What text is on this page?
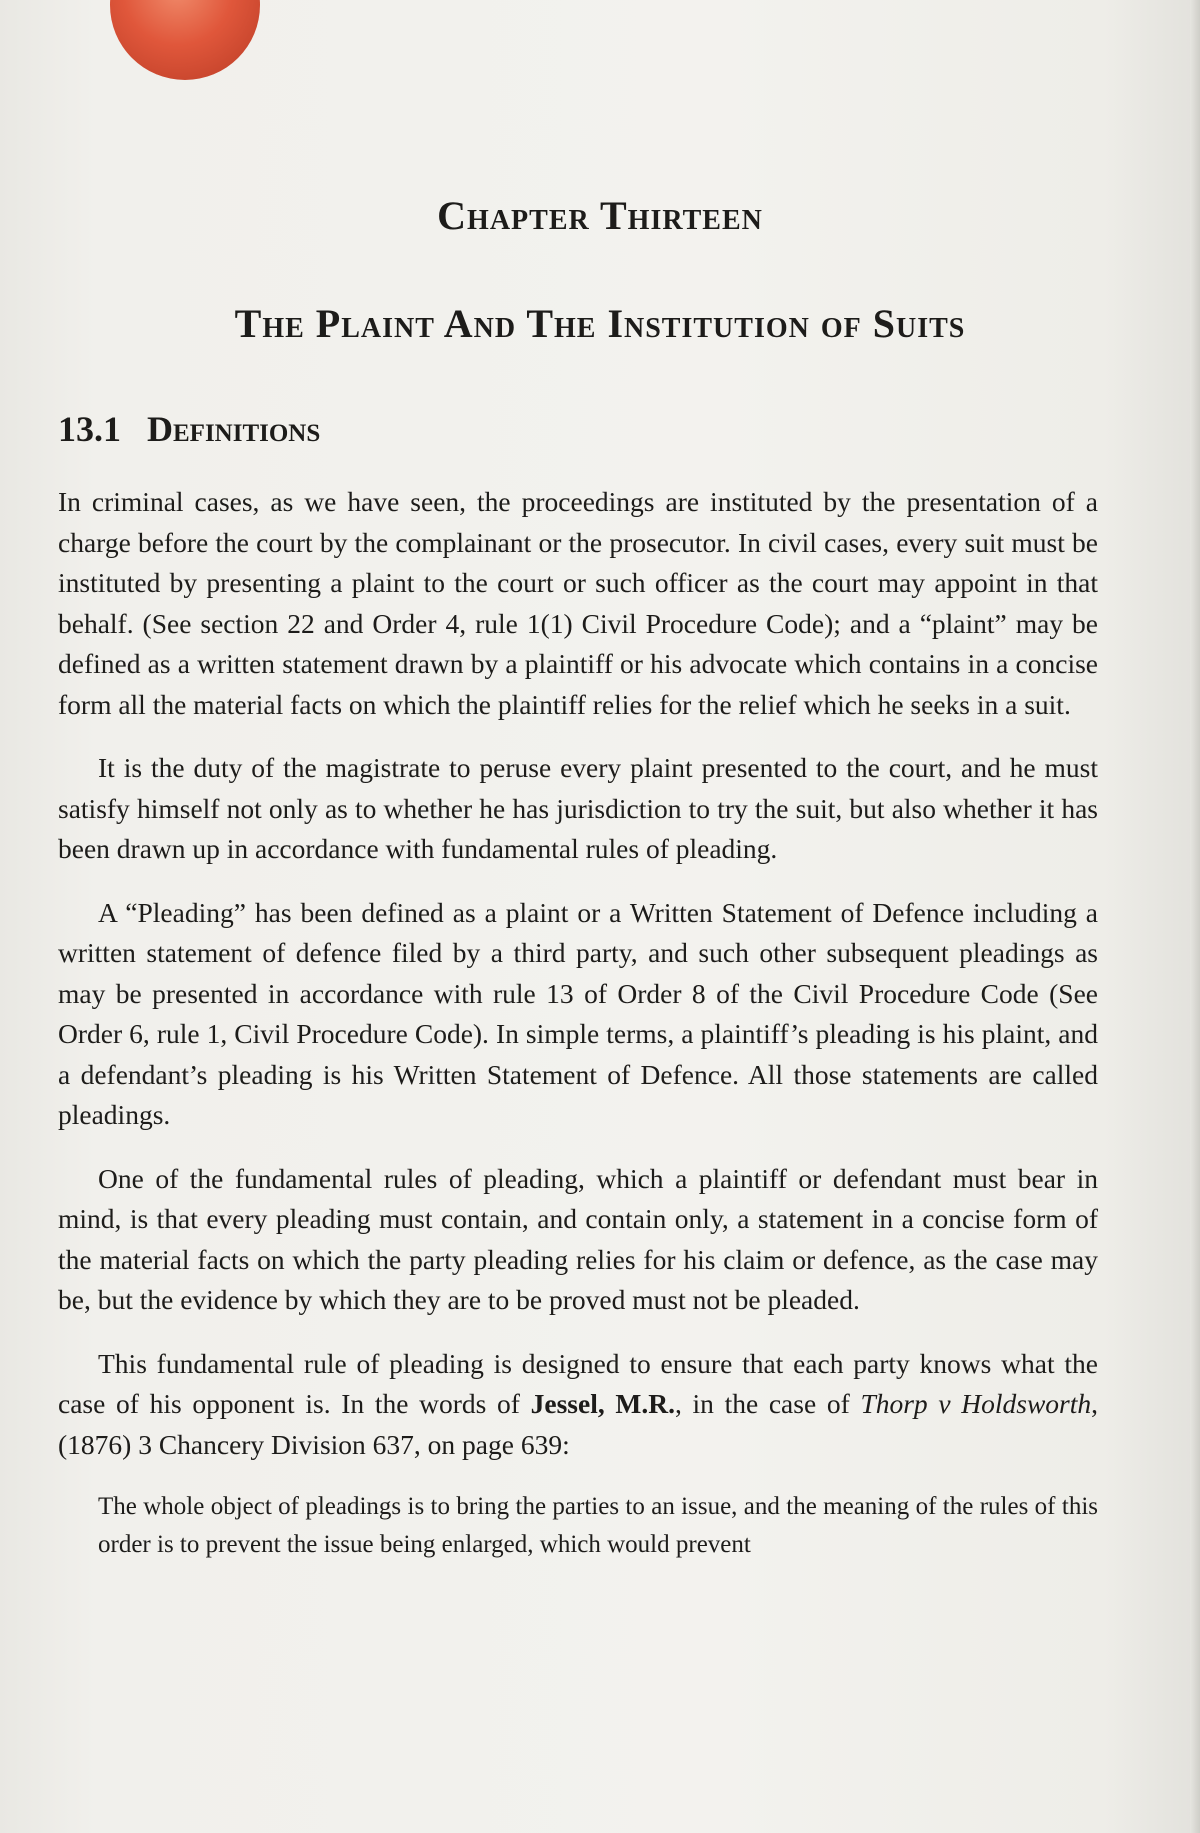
Chapter Thirteen
The Plaint And The Institution of Suits
13.1 Definitions

In criminal cases, as we have seen, the proceedings are instituted by the presentation of a charge before the court by the complainant or the prosecutor. In civil cases, every suit must be instituted by presenting a plaint to the court or such officer as the court may appoint in that behalf. (See section 22 and Order 4, rule 1(1) Civil Procedure Code); and a “plaint” may be defined as a written statement drawn by a plaintiff or his advocate which contains in a concise form all the material facts on which the plaintiff relies for the relief which he seeks in a suit.

It is the duty of the magistrate to peruse every plaint presented to the court, and he must satisfy himself not only as to whether he has jurisdiction to try the suit, but also whether it has been drawn up in accordance with fundamental rules of pleading.

A “Pleading” has been defined as a plaint or a Written Statement of Defence including a written statement of defence filed by a third party, and such other subsequent pleadings as may be presented in accordance with rule 13 of Order 8 of the Civil Procedure Code (See Order 6, rule 1, Civil Procedure Code). In simple terms, a plaintiff’s pleading is his plaint, and a defendant’s pleading is his Written Statement of Defence. All those statements are called pleadings.

One of the fundamental rules of pleading, which a plaintiff or defendant must bear in mind, is that every pleading must contain, and contain only, a statement in a concise form of the material facts on which the party pleading relies for his claim or defence, as the case may be, but the evidence by which they are to be proved must not be pleaded.

This fundamental rule of pleading is designed to ensure that each party knows what the case of his opponent is. In the words of Jessel, M.R., in the case of Thorp v Holdsworth, (1876) 3 Chancery Division 637, on page 639:

The whole object of pleadings is to bring the parties to an issue, and the meaning of the rules of this order is to prevent the issue being enlarged, which would prevent
